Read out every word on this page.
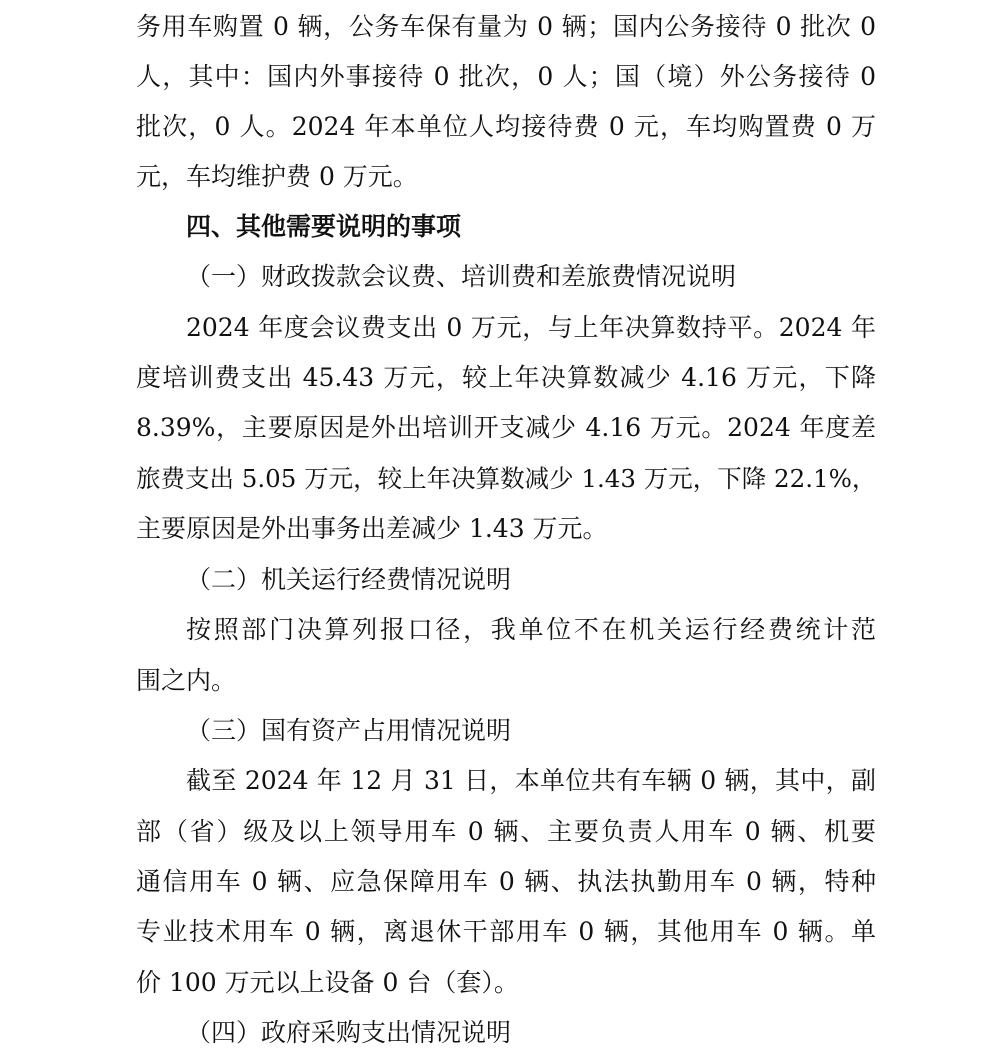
务用车购置 0 辆，公务车保有量为 0 辆；国内公务接待 0 批次 0
人，其中：国内外事接待 0 批次，0 人；国（境）外公务接待 0
批次，0 人。2024 年本单位人均接待费 0 元，车均购置费 0 万
元，车均维护费 0 万元。
四、其他需要说明的事项
（一）财政拨款会议费、培训费和差旅费情况说明
2024 年度会议费支出 0 万元，与上年决算数持平。2024 年
度培训费支出 45.43 万元，较上年决算数减少 4.16 万元，下降
8.39%，主要原因是外出培训开支减少 4.16 万元。2024 年度差
旅费支出 5.05 万元，较上年决算数减少 1.43 万元，下降 22.1%，
主要原因是外出事务出差减少 1.43 万元。
（二）机关运行经费情况说明
按照部门决算列报口径，我单位不在机关运行经费统计范
围之内。
（三）国有资产占用情况说明
截至 2024 年 12 月 31 日，本单位共有车辆 0 辆，其中，副
部（省）级及以上领导用车 0 辆、主要负责人用车 0 辆、机要
通信用车 0 辆、应急保障用车 0 辆、执法执勤用车 0 辆，特种
专业技术用车 0 辆，离退休干部用车 0 辆，其他用车 0 辆。单
价 100 万元以上设备 0 台（套）。
（四）政府采购支出情况说明
